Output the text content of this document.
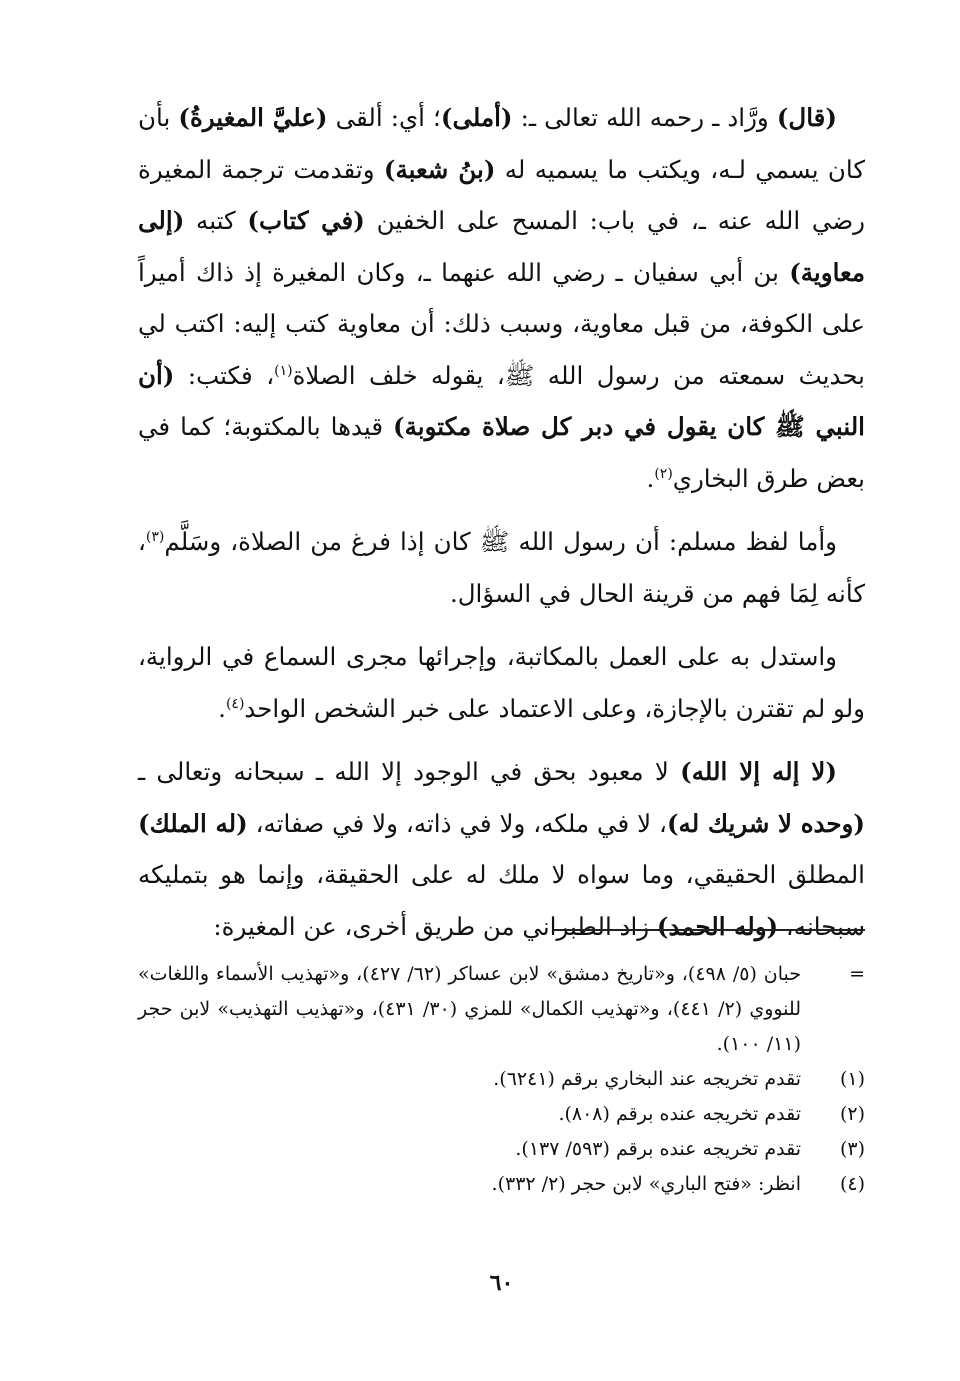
(قال) ورَّاد ـ رحمه الله تعالى ـ: (أملى)؛ أي: ألقى (عليَّ المغيرةُ) بأن كان يسمي لـه، ويكتب ما يسميه له (بنُ شعبة) وتقدمت ترجمة المغيرة رضي الله عنه ـ، في باب: المسح على الخفين (في كتاب) كتبه (إلى معاوية) بن أبي سفيان ـ رضي الله عنهما ـ، وكان المغيرة إذ ذاك أميراً على الكوفة، من قبل معاوية، وسبب ذلك: أن معاوية كتب إليه: اكتب لي بحديث سمعته من رسول الله ﷺ، يقوله خلف الصلاة$^{(١)}$، فكتب: (أن النبي ﷺ كان يقول في دبر كل صلاة مكتوبة) قيدها بالمكتوبة؛ كما في بعض طرق البخاري$^{(٢)}$.

وأما لفظ مسلم: أن رسول الله ﷺ كان إذا فرغ من الصلاة، وسَلَّم$^{(٣)}$، كأنه لِمَا فهم من قرينة الحال في السؤال.

واستدل به على العمل بالمكاتبة، وإجرائها مجرى السماع في الرواية، ولو لم تقترن بالإجازة، وعلى الاعتماد على خبر الشخص الواحد$^{(٤)}$.

(لا إله إلا الله) لا معبود بحق في الوجود إلا الله ـ سبحانه وتعالى ـ (وحده لا شريك له)، لا في ملكه، ولا في ذاته، ولا في صفاته، (له الملك) المطلق الحقيقي، وما سواه لا ملك له على الحقيقة، وإنما هو بتمليكه سبحانه، (وله الحمد) زاد الطبراني من طريق أخرى، عن المغيرة:

=
حبان (٥/ ٤٩٨)، و«تاريخ دمشق» لابن عساكر (٦٢/ ٤٢٧)، و«تهذيب الأسماء واللغات» للنووي (٢/ ٤٤١)، و«تهذيب الكمال» للمزي (٣٠/ ٤٣١)، و«تهذيب التهذيب» لابن حجر (١١/ ١٠٠).

(١)
تقدم تخريجه عند البخاري برقم (٦٢٤١).

(٢)
تقدم تخريجه عنده برقم (٨٠٨).

(٣)
تقدم تخريجه عنده برقم (٥٩٣/ ١٣٧).

(٤)
انظر: «فتح الباري» لابن حجر (٢/ ٣٣٢).

٦٠
